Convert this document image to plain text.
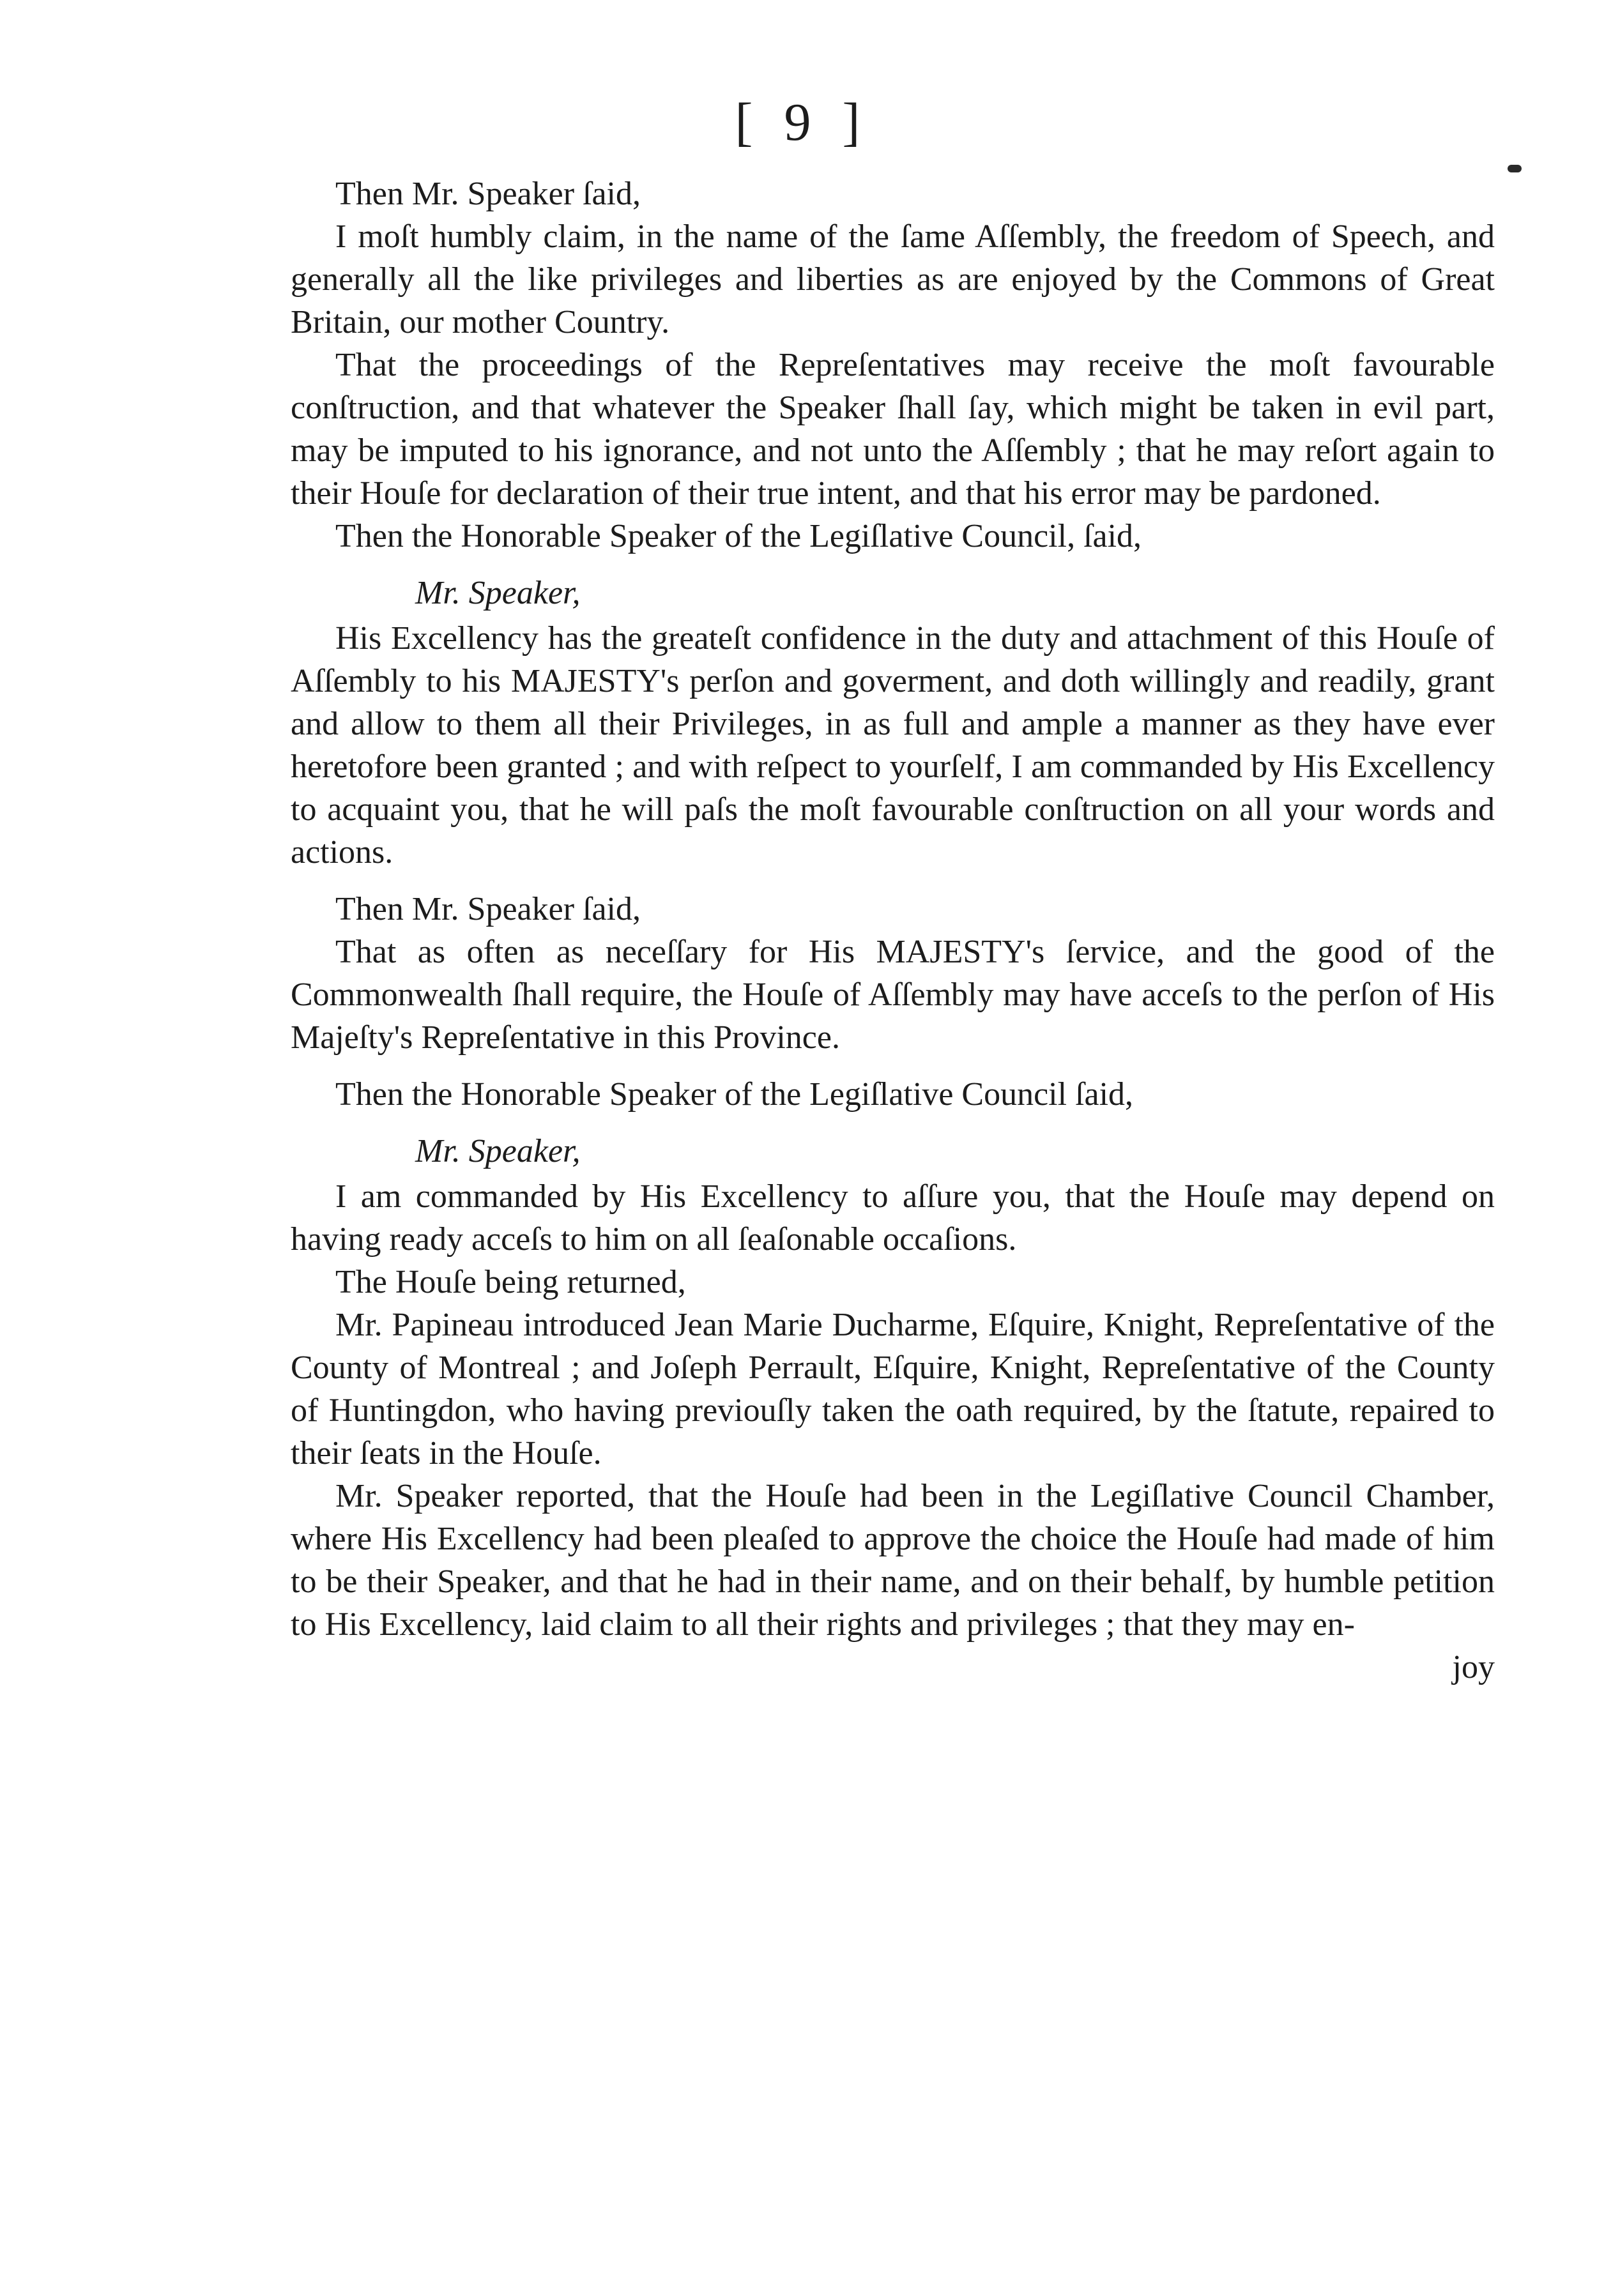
[ 9 ]

Then Mr. Speaker ſaid,

I moſt humbly claim, in the name of the ſame Aſſembly, the freedom of Speech, and generally all the like privileges and liberties as are enjoyed by the Commons of Great Britain, our mother Country.

That the proceedings of the Repreſentatives may receive the moſt favourable conſtruction, and that whatever the Speaker ſhall ſay, which might be taken in evil part, may be imputed to his ignorance, and not unto the Aſſembly ; that he may reſort again to their Houſe for declaration of their true intent, and that his error may be pardoned.

Then the Honorable Speaker of the Legiſlative Council, ſaid,

Mr. Speaker,

His Excellency has the greateſt confidence in the duty and attachment of this Houſe of Aſſembly to his MAJESTY's perſon and goverment, and doth willingly and readily, grant and allow to them all their Privileges, in as full and ample a manner as they have ever heretofore been granted ; and with reſpect to yourſelf, I am commanded by His Excellency to acquaint you, that he will paſs the moſt favourable conſtruction on all your words and actions.

Then Mr. Speaker ſaid,

That as often as neceſſary for His MAJESTY's ſervice, and the good of the Commonwealth ſhall require, the Houſe of Aſſembly may have acceſs to the perſon of His Majeſty's Repreſentative in this Province.

Then the Honorable Speaker of the Legiſlative Council ſaid,

Mr. Speaker,

I am commanded by His Excellency to aſſure you, that the Houſe may depend on having ready acceſs to him on all ſeaſonable occaſions.

The Houſe being returned,

Mr. Papineau introduced Jean Marie Ducharme, Eſquire, Knight, Repreſentative of the County of Montreal ; and Joſeph Perrault, Eſquire, Knight, Repreſentative of the County of Huntingdon, who having previouſly taken the oath required, by the ſtatute, repaired to their ſeats in the Houſe.

Mr. Speaker reported, that the Houſe had been in the Legiſlative Council Chamber, where His Excellency had been pleaſed to approve the choice the Houſe had made of him to be their Speaker, and that he had in their name, and on their behalf, by humble petition to His Excellency, laid claim to all their rights and privileges ; that they may en-

joy
